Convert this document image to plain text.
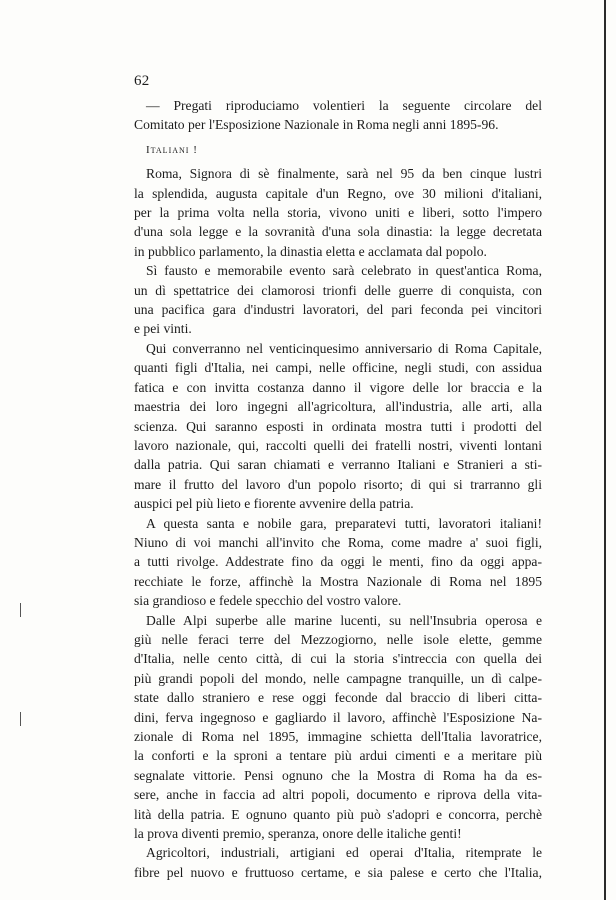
62
— Pregati riproduciamo volentieri la seguente circolare del
Comitato per l'Esposizione Nazionale in Roma negli anni 1895-96.
Italiani !
Roma, Signora di sè finalmente, sarà nel 95 da ben cinque lustri
la splendida, augusta capitale d'un Regno, ove 30 milioni d'italiani,
per la prima volta nella storia, vivono uniti e liberi, sotto l'impero
d'una sola legge e la sovranità d'una sola dinastia: la legge decretata
in pubblico parlamento, la dinastia eletta e acclamata dal popolo.
Sì fausto e memorabile evento sarà celebrato in quest'antica Roma,
un dì spettatrice dei clamorosi trionfi delle guerre di conquista, con
una pacifica gara d'industri lavoratori, del pari feconda pei vincitori
e pei vinti.
Qui converranno nel venticinquesimo anniversario di Roma Capitale,
quanti figli d'Italia, nei campi, nelle officine, negli studi, con assidua
fatica e con invitta costanza danno il vigore delle lor braccia e la
maestria dei loro ingegni all'agricoltura, all'industria, alle arti, alla
scienza. Qui saranno esposti in ordinata mostra tutti i prodotti del
lavoro nazionale, qui, raccolti quelli dei fratelli nostri, viventi lontani
dalla patria. Qui saran chiamati e verranno Italiani e Stranieri a sti-
mare il frutto del lavoro d'un popolo risorto; di qui si trarranno gli
auspici pel più lieto e fiorente avvenire della patria.
A questa santa e nobile gara, preparatevi tutti, lavoratori italiani!
Niuno di voi manchi all'invito che Roma, come madre a' suoi figli,
a tutti rivolge. Addestrate fino da oggi le menti, fino da oggi appa-
recchiate le forze, affinchè la Mostra Nazionale di Roma nel 1895
sia grandioso e fedele specchio del vostro valore.
Dalle Alpi superbe alle marine lucenti, su nell'Insubria operosa e
giù nelle feraci terre del Mezzogiorno, nelle isole elette, gemme
d'Italia, nelle cento città, di cui la storia s'intreccia con quella dei
più grandi popoli del mondo, nelle campagne tranquille, un dì calpe-
state dallo straniero e rese oggi feconde dal braccio di liberi citta-
dini, ferva ingegnoso e gagliardo il lavoro, affinchè l'Esposizione Na-
zionale di Roma nel 1895, immagine schietta dell'Italia lavoratrice,
la conforti e la sproni a tentare più ardui cimenti e a meritare più
segnalate vittorie. Pensi ognuno che la Mostra di Roma ha da es-
sere, anche in faccia ad altri popoli, documento e riprova della vita-
lità della patria. E ognuno quanto più può s'adopri e concorra, perchè
la prova diventi premio, speranza, onore delle italiche genti!
Agricoltori, industriali, artigiani ed operai d'Italia, ritemprate le
fibre pel nuovo e fruttuoso certame, e sia palese e certo che l'Italia,
